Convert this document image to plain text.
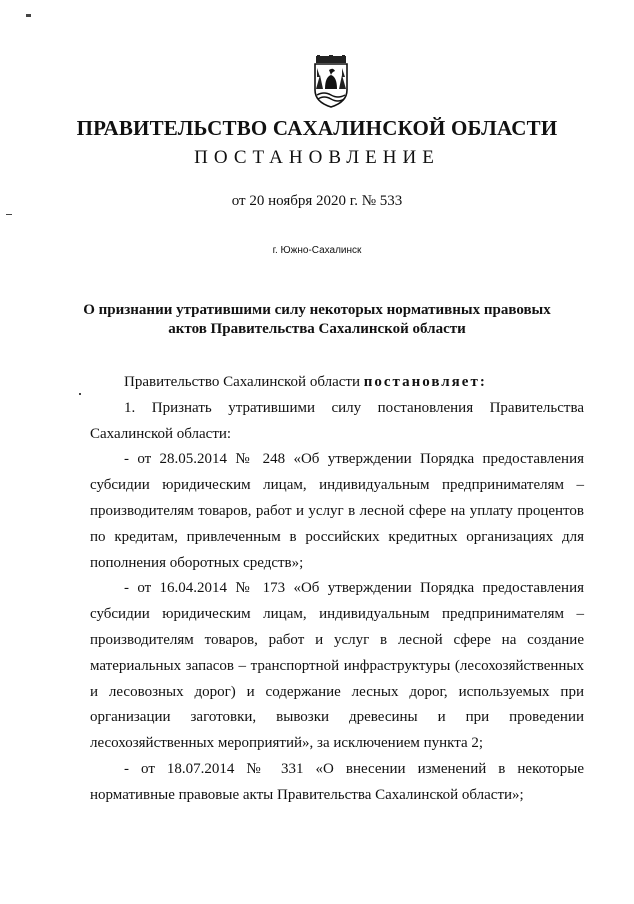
ПРАВИТЕЛЬСТВО САХАЛИНСКОЙ ОБЛАСТИ
ПОСТАНОВЛЕНИЕ
от 20 ноября 2020 г. № 533
г. Южно-Сахалинск
О признании утратившими силу некоторых нормативных правовых
актов Правительства Сахалинской области

Правительство Сахалинской области постановляет:

1. Признать утратившими силу постановления Правительства Сахалинской области:

- от 28.05.2014 № 248 «Об утверждении Порядка предоставления субсидии юридическим лицам, индивидуальным предпринимателям – производителям товаров, работ и услуг в лесной сфере на уплату процентов по кредитам, привлеченным в российских кредитных организациях для пополнения оборотных средств»;

- от 16.04.2014 № 173 «Об утверждении Порядка предоставления субсидии юридическим лицам, индивидуальным предпринимателям – производителям товаров, работ и услуг в лесной сфере на создание материальных запасов – транспортной инфраструктуры (лесохозяйственных и лесовозных дорог) и содержание лесных дорог, используемых при организации заготовки, вывозки древесины и при проведении лесохозяйственных мероприятий», за исключением пункта 2;

- от 18.07.2014 № 331 «О внесении изменений в некоторые нормативные правовые акты Правительства Сахалинской области»;
